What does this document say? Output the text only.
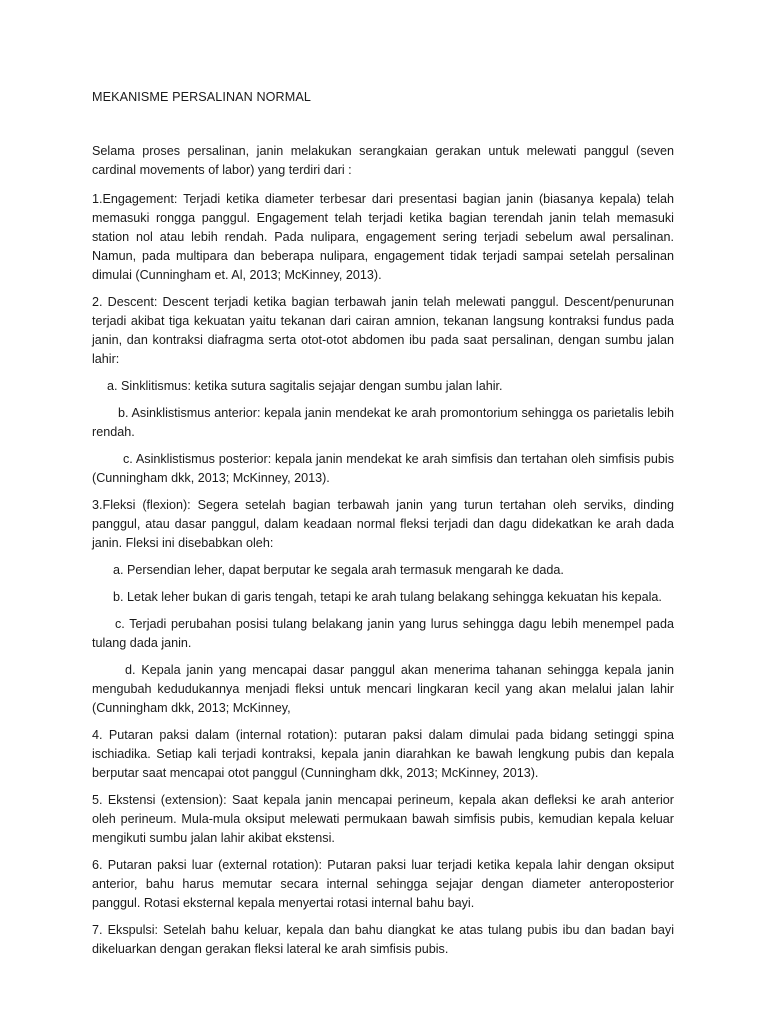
MEKANISME PERSALINAN NORMAL

Selama proses persalinan, janin melakukan serangkaian gerakan untuk melewati panggul (seven cardinal movements of labor) yang terdiri dari :

1.Engagement: Terjadi ketika diameter terbesar dari presentasi bagian janin (biasanya kepala) telah memasuki rongga panggul. Engagement telah terjadi ketika bagian terendah janin telah memasuki station nol atau lebih rendah. Pada nulipara, engagement sering terjadi sebelum awal persalinan. Namun, pada multipara dan beberapa nulipara, engagement tidak terjadi sampai setelah persalinan dimulai (Cunningham et. Al, 2013; McKinney, 2013).

2. Descent: Descent terjadi ketika bagian terbawah janin telah melewati panggul. Descent/penurunan terjadi akibat tiga kekuatan yaitu tekanan dari cairan amnion, tekanan langsung kontraksi fundus pada janin, dan kontraksi diafragma serta otot-otot abdomen ibu pada saat persalinan, dengan sumbu jalan lahir:

a. Sinklitismus: ketika sutura sagitalis sejajar dengan sumbu jalan lahir.

b. Asinklistismus anterior: kepala janin mendekat ke arah promontorium sehingga os parietalis lebih rendah.

c. Asinklistismus posterior: kepala janin mendekat ke arah simfisis dan tertahan oleh simfisis pubis (Cunningham dkk, 2013; McKinney, 2013).

3.Fleksi (flexion): Segera setelah bagian terbawah janin yang turun tertahan oleh serviks, dinding panggul, atau dasar panggul, dalam keadaan normal fleksi terjadi dan dagu didekatkan ke arah dada janin. Fleksi ini disebabkan oleh:

a. Persendian leher, dapat berputar ke segala arah termasuk mengarah ke dada.

b. Letak leher bukan di garis tengah, tetapi ke arah tulang belakang sehingga kekuatan his kepala.

c. Terjadi perubahan posisi tulang belakang janin yang lurus sehingga dagu lebih menempel pada tulang dada janin.

d. Kepala janin yang mencapai dasar panggul akan menerima tahanan sehingga kepala janin mengubah kedudukannya menjadi fleksi untuk mencari lingkaran kecil yang akan melalui jalan lahir (Cunningham dkk, 2013; McKinney,

4. Putaran paksi dalam (internal rotation): putaran paksi dalam dimulai pada bidang setinggi spina ischiadika. Setiap kali terjadi kontraksi, kepala janin diarahkan ke bawah lengkung pubis dan kepala berputar saat mencapai otot panggul (Cunningham dkk, 2013; McKinney, 2013).

5. Ekstensi (extension): Saat kepala janin mencapai perineum, kepala akan defleksi ke arah anterior oleh perineum. Mula-mula oksiput melewati permukaan bawah simfisis pubis, kemudian kepala keluar mengikuti sumbu jalan lahir akibat ekstensi.

6. Putaran paksi luar (external rotation): Putaran paksi luar terjadi ketika kepala lahir dengan oksiput anterior, bahu harus memutar secara internal sehingga sejajar dengan diameter anteroposterior panggul. Rotasi eksternal kepala menyertai rotasi internal bahu bayi.

7. Ekspulsi: Setelah bahu keluar, kepala dan bahu diangkat ke atas tulang pubis ibu dan badan bayi dikeluarkan dengan gerakan fleksi lateral ke arah simfisis pubis.
